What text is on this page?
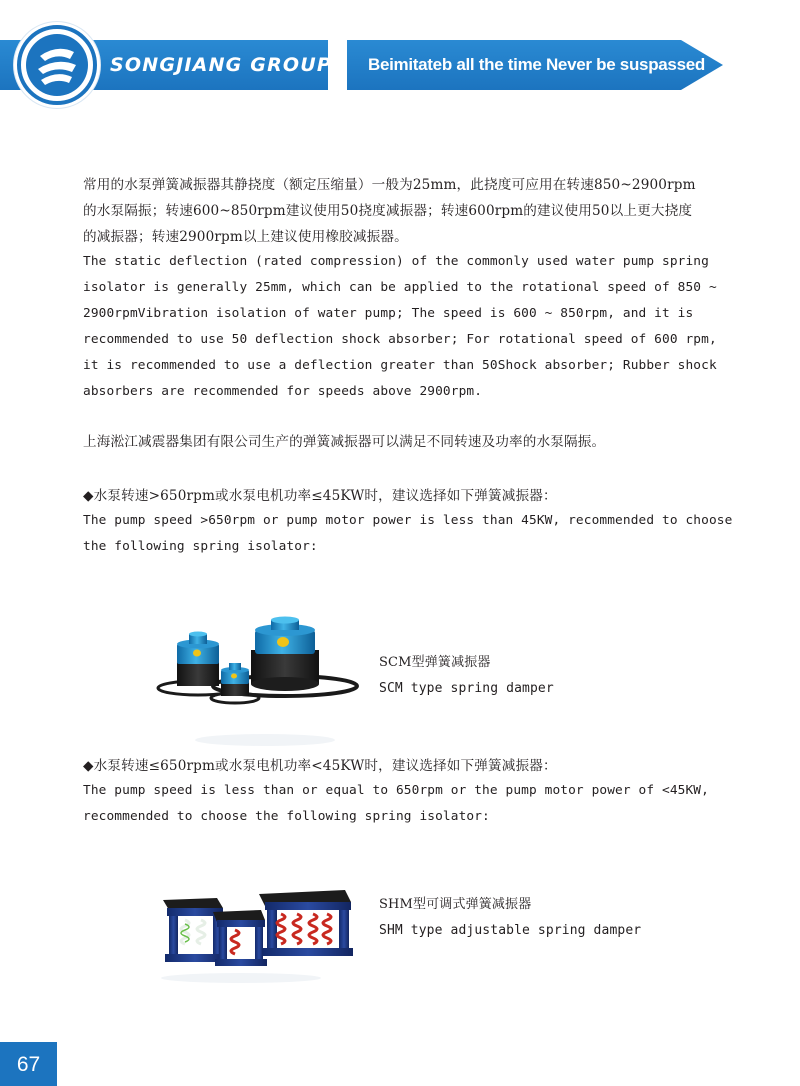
SONGJIANG GROUP Beimitateb all the time Never be suspassed
常用的水泵弹簧减振器其静挠度（额定压缩量）一般为25mm，此挠度可应用在转速850~2900rpm
的水泵隔振；转速600~850rpm建议使用50挠度减振器；转速600rpm的建议使用50以上更大挠度
的减振器；转速2900rpm以上建议使用橡胶减振器。
The static deflection (rated compression) of the commonly used water pump spring
isolator is generally 25mm, which can be applied to the rotational speed of 850 ~
2900rpmVibration isolation of water pump; The speed is 600 ~ 850rpm, and it is
recommended to use 50 deflection shock absorber; For rotational speed of 600 rpm,
it is recommended to use a deflection greater than 50Shock absorber; Rubber shock
absorbers are recommended for speeds above 2900rpm.
上海淞江减震器集团有限公司生产的弹簧减振器可以满足不同转速及功率的水泵隔振。
◆水泵转速>650rpm或水泵电机功率≤45KW时，建议选择如下弹簧减振器：
The pump speed >650rpm or pump motor power is less than 45KW, recommended to choose
the following spring isolator:
SCM型弹簧减振器
SCM type spring damper
◆水泵转速≤650rpm或水泵电机功率<45KW时，建议选择如下弹簧减振器：
The pump speed is less than or equal to 650rpm or the pump motor power of <45KW,
recommended to choose the following spring isolator:
SHM型可调式弹簧减振器
SHM type adjustable spring damper
67
